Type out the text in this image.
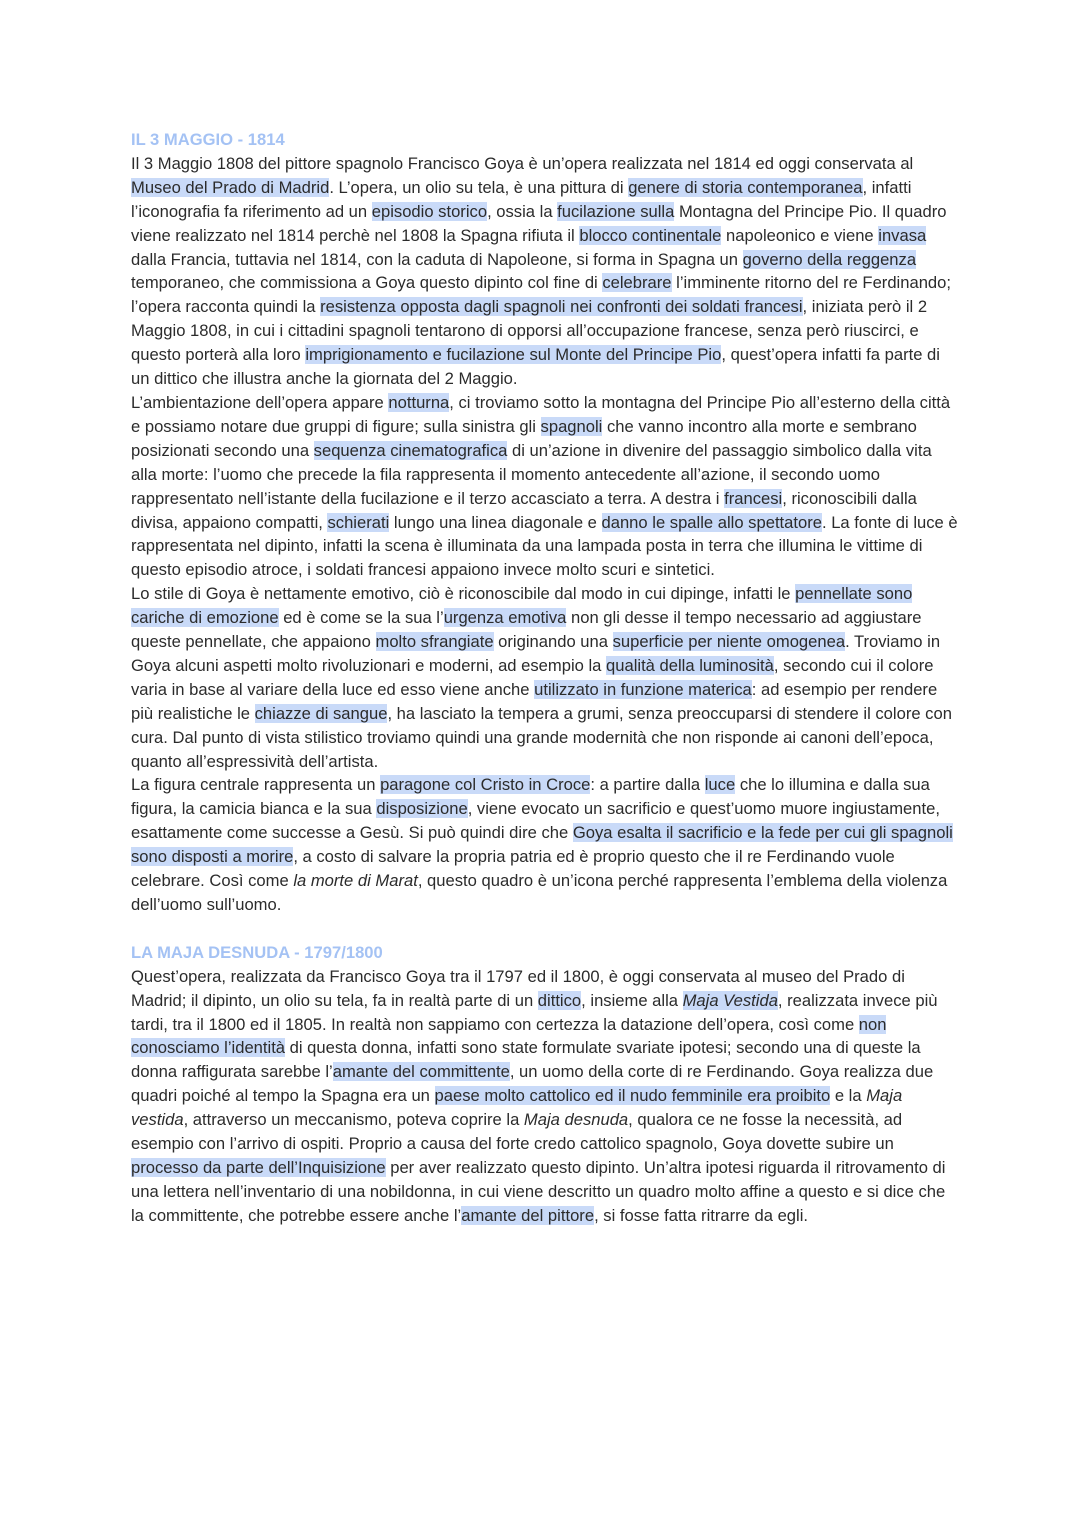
IL 3 MAGGIO - 1814

Il 3 Maggio 1808 del pittore spagnolo Francisco Goya è un’opera realizzata nel 1814 ed oggi conservata al Museo del Prado di Madrid. L’opera, un olio su tela, è una pittura di genere di storia contemporanea, infatti l’iconografia fa riferimento ad un episodio storico, ossia la fucilazione sulla Montagna del Principe Pio. Il quadro viene realizzato nel 1814 perchè nel 1808 la Spagna rifiuta il blocco continentale napoleonico e viene invasa dalla Francia, tuttavia nel 1814, con la caduta di Napoleone, si forma in Spagna un governo della reggenza temporaneo, che commissiona a Goya questo dipinto col fine di celebrare l’imminente ritorno del re Ferdinando; l’opera racconta quindi la resistenza opposta dagli spagnoli nei confronti dei soldati francesi, iniziata però il 2 Maggio 1808, in cui i cittadini spagnoli tentarono di opporsi all’occupazione francese, senza però riuscirci, e questo porterà alla loro imprigionamento e fucilazione sul Monte del Principe Pio, quest’opera infatti fa parte di un dittico che illustra anche la giornata del 2 Maggio.

L’ambientazione dell’opera appare notturna, ci troviamo sotto la montagna del Principe Pio all’esterno della città e possiamo notare due gruppi di figure; sulla sinistra gli spagnoli che vanno incontro alla morte e sembrano posizionati secondo una sequenza cinematografica di un’azione in divenire del passaggio simbolico dalla vita alla morte: l’uomo che precede la fila rappresenta il momento antecedente all’azione, il secondo uomo rappresentato nell’istante della fucilazione e il terzo accasciato a terra. A destra i francesi, riconoscibili dalla divisa, appaiono compatti, schierati lungo una linea diagonale e danno le spalle allo spettatore. La fonte di luce è rappresentata nel dipinto, infatti la scena è illuminata da una lampada posta in terra che illumina le vittime di questo episodio atroce, i soldati francesi appaiono invece molto scuri e sintetici.

Lo stile di Goya è nettamente emotivo, ciò è riconoscibile dal modo in cui dipinge, infatti le pennellate sono cariche di emozione ed è come se la sua l’urgenza emotiva non gli desse il tempo necessario ad aggiustare queste pennellate, che appaiono molto sfrangiate originando una superficie per niente omogenea. Troviamo in Goya alcuni aspetti molto rivoluzionari e moderni, ad esempio la qualità della luminosità, secondo cui il colore varia in base al variare della luce ed esso viene anche utilizzato in funzione materica: ad esempio per rendere più realistiche le chiazze di sangue, ha lasciato la tempera a grumi, senza preoccuparsi di stendere il colore con cura. Dal punto di vista stilistico troviamo quindi una grande modernità che non risponde ai canoni dell’epoca, quanto all’espressività dell’artista.

La figura centrale rappresenta un paragone col Cristo in Croce: a partire dalla luce che lo illumina e dalla sua figura, la camicia bianca e la sua disposizione, viene evocato un sacrificio e quest’uomo muore ingiustamente, esattamente come successe a Gesù. Si può quindi dire che Goya esalta il sacrificio e la fede per cui gli spagnoli sono disposti a morire, a costo di salvare la propria patria ed è proprio questo che il re Ferdinando vuole celebrare. Così come la morte di Marat, questo quadro è un’icona perché rappresenta l’emblema della violenza dell’uomo sull’uomo.

LA MAJA DESNUDA - 1797/1800

Quest’opera, realizzata da Francisco Goya tra il 1797 ed il 1800, è oggi conservata al museo del Prado di Madrid; il dipinto, un olio su tela, fa in realtà parte di un dittico, insieme alla Maja Vestida, realizzata invece più tardi, tra il 1800 ed il 1805. In realtà non sappiamo con certezza la datazione dell’opera, così come non conosciamo l’identità di questa donna, infatti sono state formulate svariate ipotesi; secondo una di queste la donna raffigurata sarebbe l’amante del committente, un uomo della corte di re Ferdinando. Goya realizza due quadri poiché al tempo la Spagna era un paese molto cattolico ed il nudo femminile era proibito e la Maja vestida, attraverso un meccanismo, poteva coprire la Maja desnuda, qualora ce ne fosse la necessità, ad esempio con l’arrivo di ospiti. Proprio a causa del forte credo cattolico spagnolo, Goya dovette subire un processo da parte dell’Inquisizione per aver realizzato questo dipinto. Un’altra ipotesi riguarda il ritrovamento di una lettera nell’inventario di una nobildonna, in cui viene descritto un quadro molto affine a questo e si dice che la committente, che potrebbe essere anche l’amante del pittore, si fosse fatta ritrarre da egli.
